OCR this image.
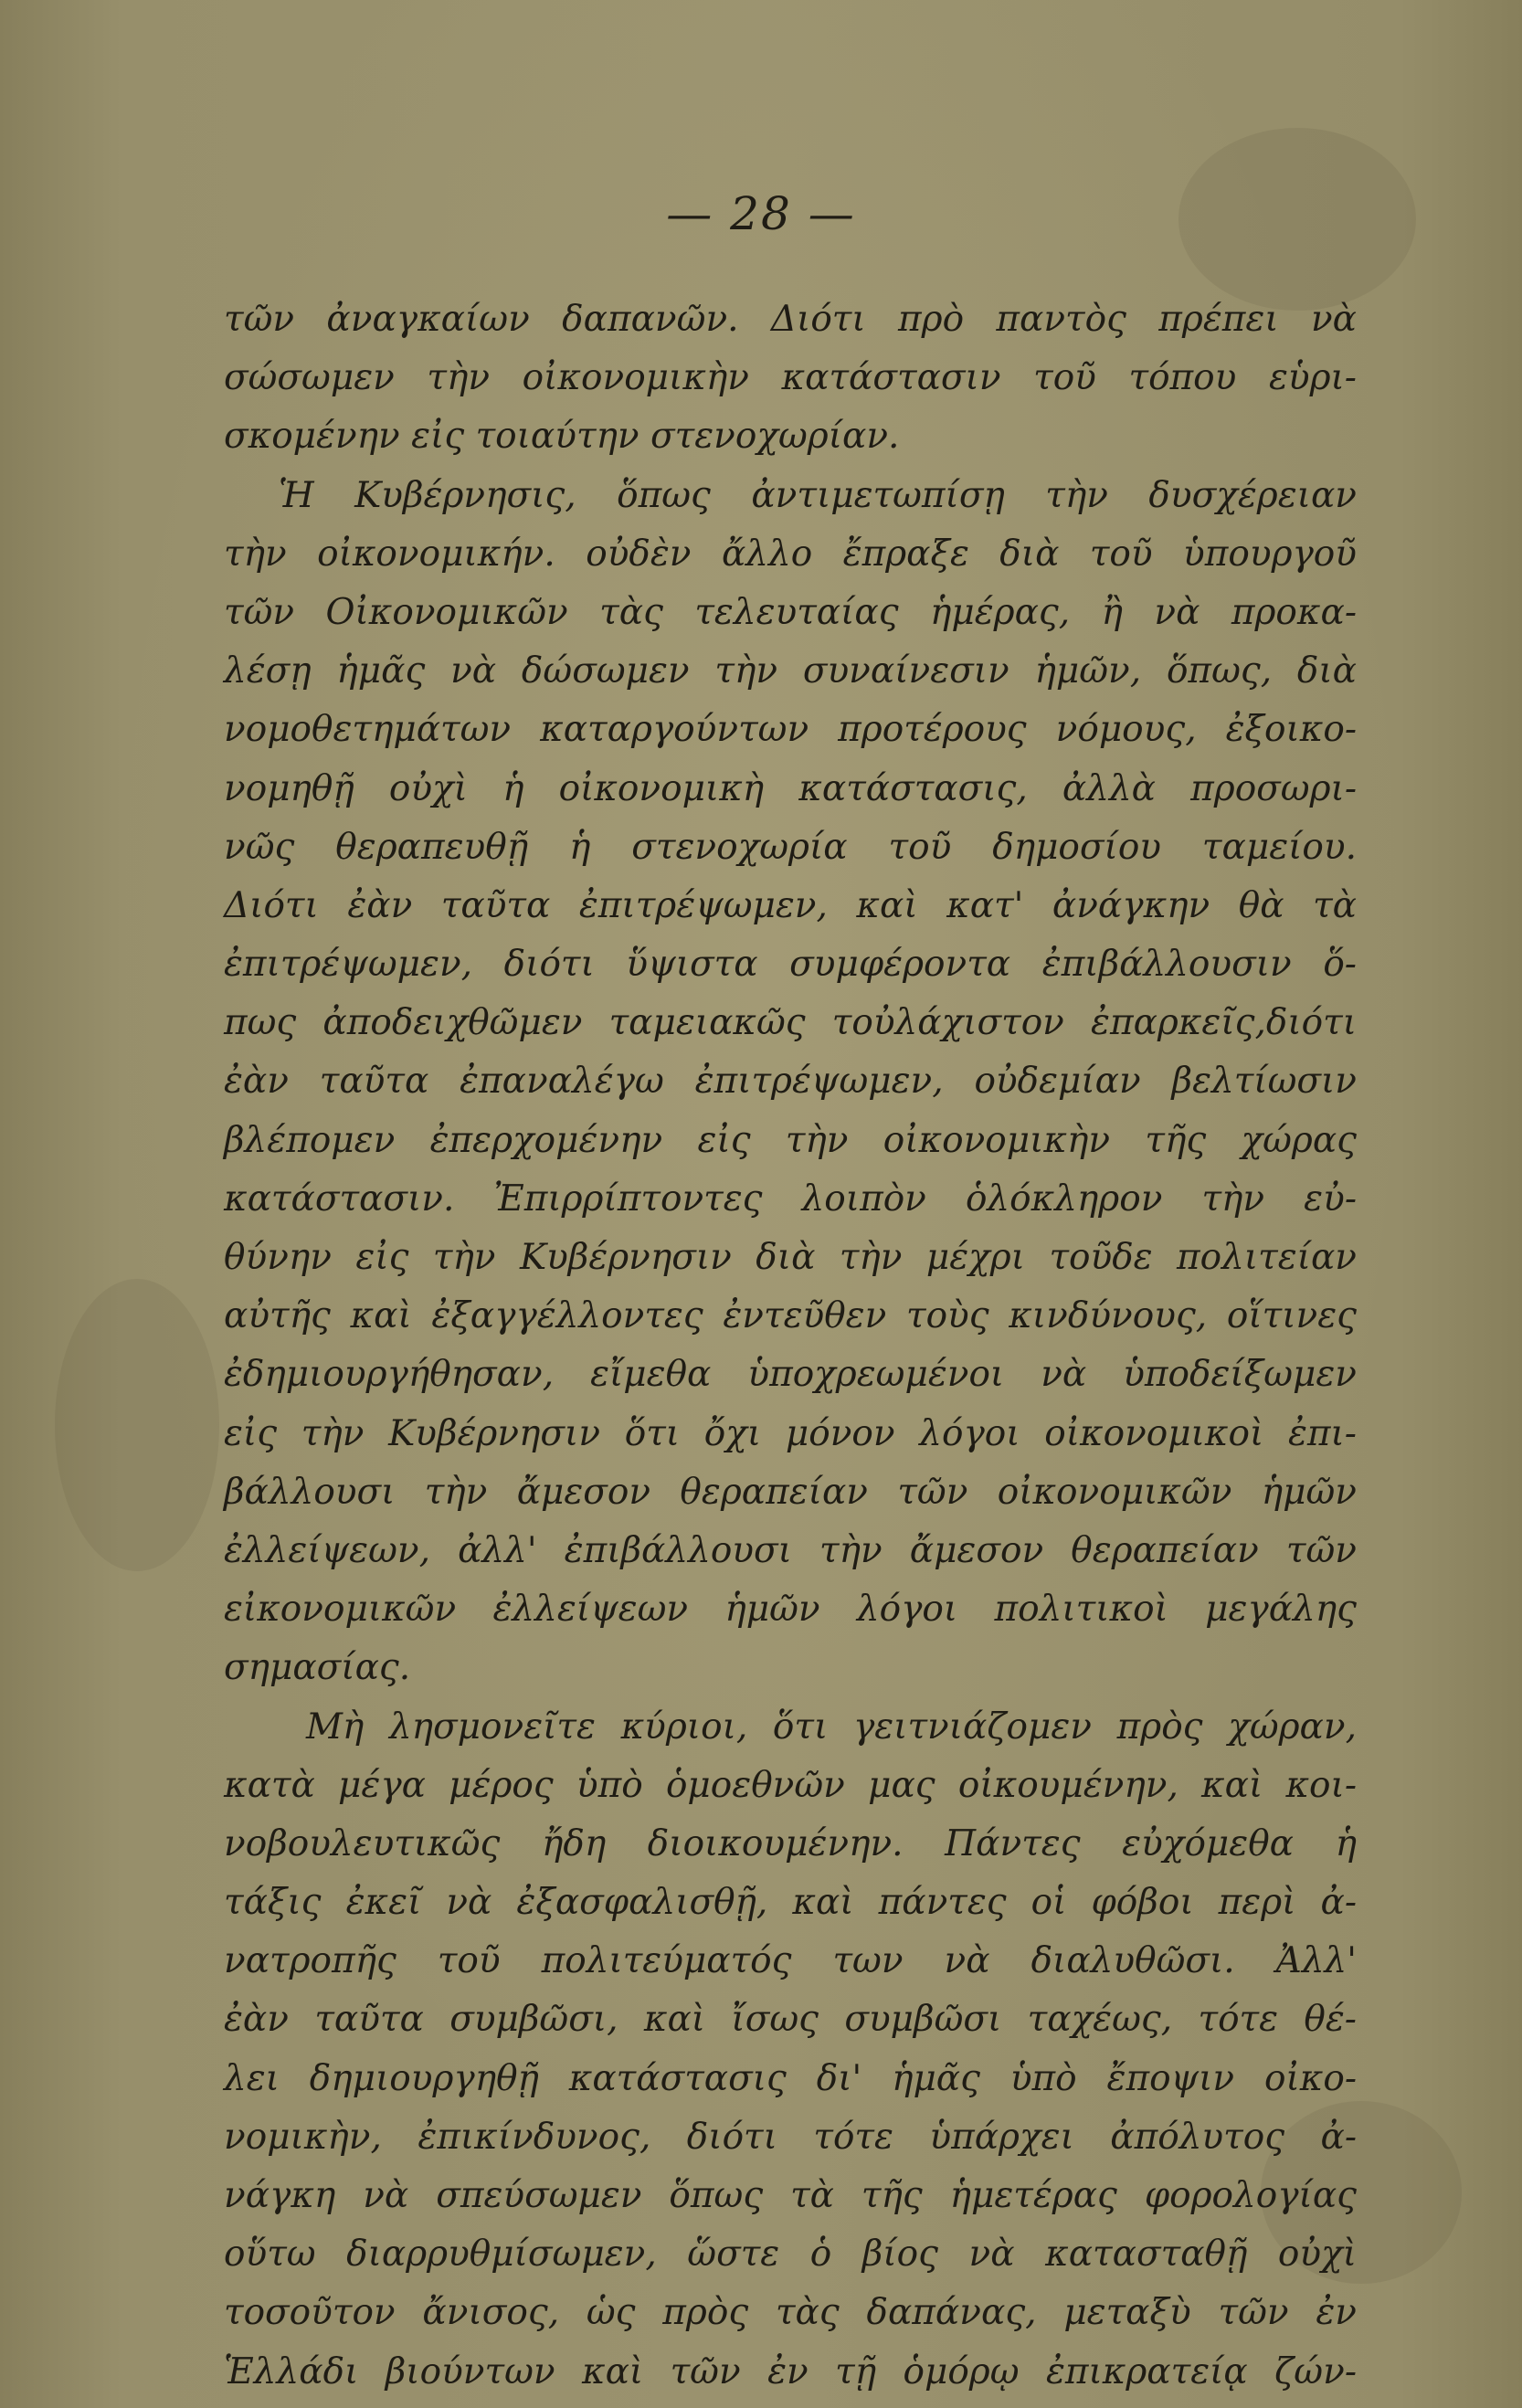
— 28 —

τῶν ἀναγκαίων δαπανῶν. Διότι πρὸ παντὸς πρέπει νὰ
σώσωμεν τὴν οἰκονομικὴν κατάστασιν τοῦ τόπου εὑρι-
σκομένην εἰς τοιαύτην στενοχωρίαν.
Ἡ Κυβέρνησις, ὅπως ἀντιμετωπίσῃ τὴν δυσχέρειαν
τὴν οἰκονομικήν. οὐδὲν ἄλλο ἔπραξε διὰ τοῦ ὑπουργοῦ
τῶν Οἰκονομικῶν τὰς τελευταίας ἡμέρας, ἢ νὰ προκα-
λέσῃ ἡμᾶς νὰ δώσωμεν τὴν συναίνεσιν ἡμῶν, ὅπως, διὰ
νομοθετημάτων καταργούντων προτέρους νόμους, ἐξοικο-
νομηθῇ οὐχὶ ἡ οἰκονομικὴ κατάστασις, ἀλλὰ προσωρι-
νῶς θεραπευθῇ ἡ στενοχωρία τοῦ δημοσίου ταμείου.
Διότι ἐὰν ταῦτα ἐπιτρέψωμεν, καὶ κατ' ἀνάγκην θὰ τὰ
ἐπιτρέψωμεν, διότι ὕψιστα συμφέροντα ἐπιβάλλουσιν ὅ-
πως ἀποδειχθῶμεν ταμειακῶς τοὐλάχιστον ἐπαρκεῖς,διότι
ἐὰν ταῦτα ἐπαναλέγω ἐπιτρέψωμεν, οὐδεμίαν βελτίωσιν
βλέπομεν ἐπερχομένην εἰς τὴν οἰκονομικὴν τῆς χώρας
κατάστασιν. Ἐπιρρίπτοντες λοιπὸν ὁλόκληρον τὴν εὐ-
θύνην εἰς τὴν Κυβέρνησιν διὰ τὴν μέχρι τοῦδε πολιτείαν
αὐτῆς καὶ ἐξαγγέλλοντες ἐντεῦθεν τοὺς κινδύνους, οἵτινες
ἐδημιουργήθησαν, εἴμεθα ὑποχρεωμένοι νὰ ὑποδείξωμεν
εἰς τὴν Κυβέρνησιν ὅτι ὄχι μόνον λόγοι οἰκονομικοὶ ἐπι-
βάλλουσι τὴν ἄμεσον θεραπείαν τῶν οἰκονομικῶν ἡμῶν
ἐλλείψεων, ἀλλ' ἐπιβάλλουσι τὴν ἄμεσον θεραπείαν τῶν
εἰκονομικῶν ἐλλείψεων ἡμῶν λόγοι πολιτικοὶ μεγάλης
σημασίας.
Μὴ λησμονεῖτε κύριοι, ὅτι γειτνιάζομεν πρὸς χώραν,
κατὰ μέγα μέρος ὑπὸ ὁμοεθνῶν μας οἰκουμένην, καὶ κοι-
νοβουλευτικῶς ἤδη διοικουμένην. Πάντες εὐχόμεθα ἡ
τάξις ἐκεῖ νὰ ἐξασφαλισθῇ, καὶ πάντες οἱ φόβοι περὶ ἀ-
νατροπῆς τοῦ πολιτεύματός των νὰ διαλυθῶσι. Ἀλλ'
ἐὰν ταῦτα συμβῶσι, καὶ ἴσως συμβῶσι ταχέως, τότε θέ-
λει δημιουργηθῇ κατάστασις δι' ἡμᾶς ὑπὸ ἔποψιν οἰκο-
νομικὴν, ἐπικίνδυνος, διότι τότε ὑπάρχει ἀπόλυτος ἀ-
νάγκη νὰ σπεύσωμεν ὅπως τὰ τῆς ἡμετέρας φορολογίας
οὕτω διαρρυθμίσωμεν, ὥστε ὁ βίος νὰ κατασταθῇ οὐχὶ
τοσοῦτον ἄνισος, ὡς πρὸς τὰς δαπάνας, μεταξὺ τῶν ἐν
Ἑλλάδι βιούντων καὶ τῶν ἐν τῇ ὁμόρῳ ἐπικρατείᾳ ζών-
